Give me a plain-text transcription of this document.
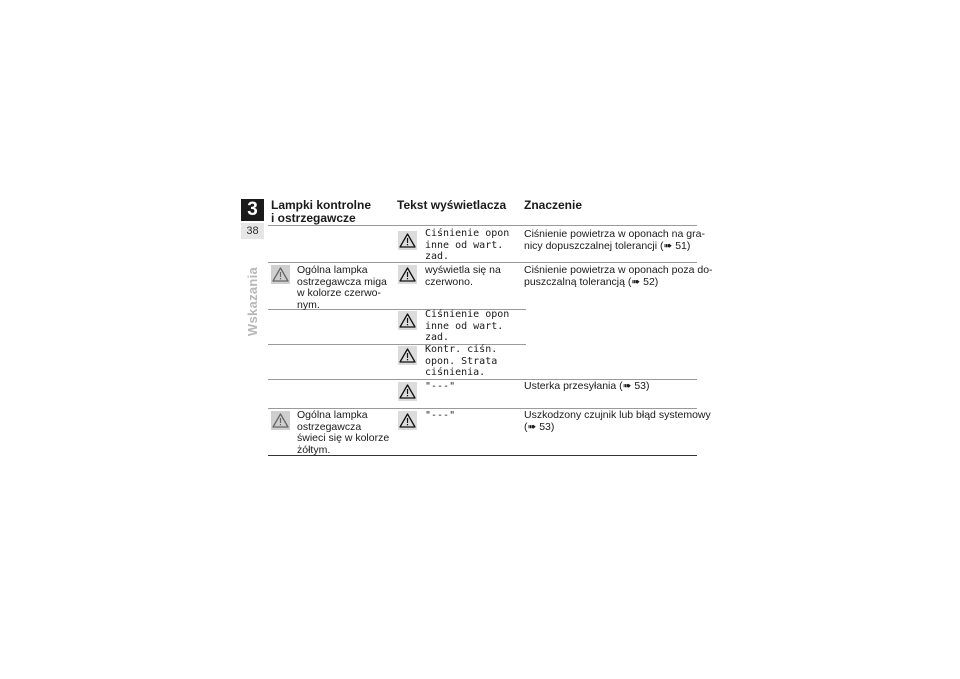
3
38
Wskazania
Lampki kontrolne
i ostrzegawcze
Tekst wyświetlacza Znaczenie
Ciśnienie opon
inne od wart.
zad.
Ciśnienie powietrza w oponach na gra-
nicy dopuszczalnej tolerancji (➠ 51)
Ogólna lampka
ostrzegawcza miga
w kolorze czerwo-
nym.
wyświetla się na
czerwono.
Ciśnienie powietrza w oponach poza do-
puszczalną tolerancją (➠ 52)
Ciśnienie opon
inne od wart.
zad.
Kontr. ciśn.
opon. Strata
ciśnienia.
"---"	Usterka przesyłania (➠ 53)
Ogólna lampka
ostrzegawcza
świeci się w kolorze
żółtym.
"---"	Uszkodzony czujnik lub błąd systemowy
(➠ 53)
